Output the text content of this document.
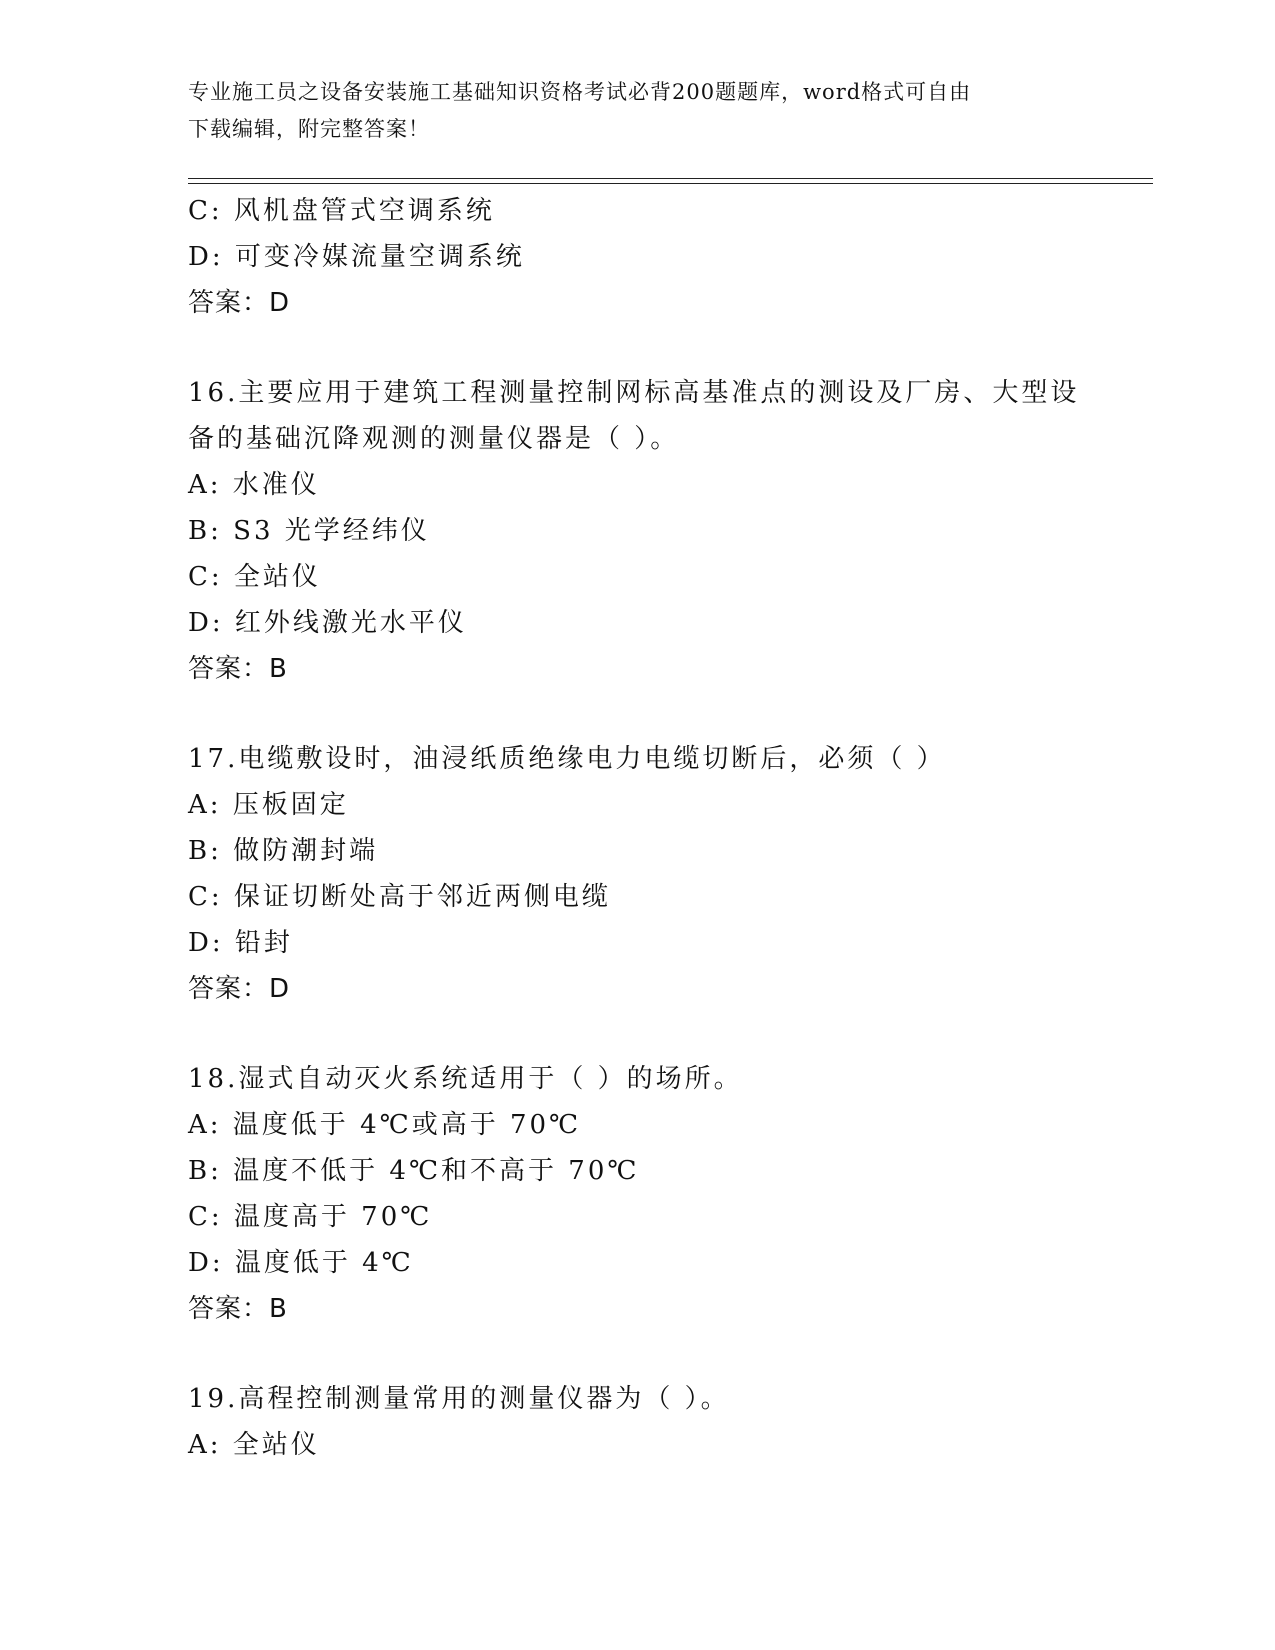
专业施工员之设备安装施工基础知识资格考试必背200题题库，word格式可自由
下载编辑，附完整答案！
C: 风机盘管式空调系统
D: 可变冷媒流量空调系统
答案：D
16.主要应用于建筑工程测量控制网标高基准点的测设及厂房、大型设
备的基础沉降观测的测量仪器是（ ）。
A: 水准仪
B: S3 光学经纬仪
C: 全站仪
D: 红外线激光水平仪
答案：B
17.电缆敷设时，油浸纸质绝缘电力电缆切断后，必须（ ）
A: 压板固定
B: 做防潮封端
C: 保证切断处高于邻近两侧电缆
D: 铅封
答案：D
18.湿式自动灭火系统适用于（ ）的场所。
A: 温度低于 4℃或高于 70℃
B: 温度不低于 4℃和不高于 70℃
C: 温度高于 70℃
D: 温度低于 4℃
答案：B
19.高程控制测量常用的测量仪器为（ ）。
A: 全站仪
